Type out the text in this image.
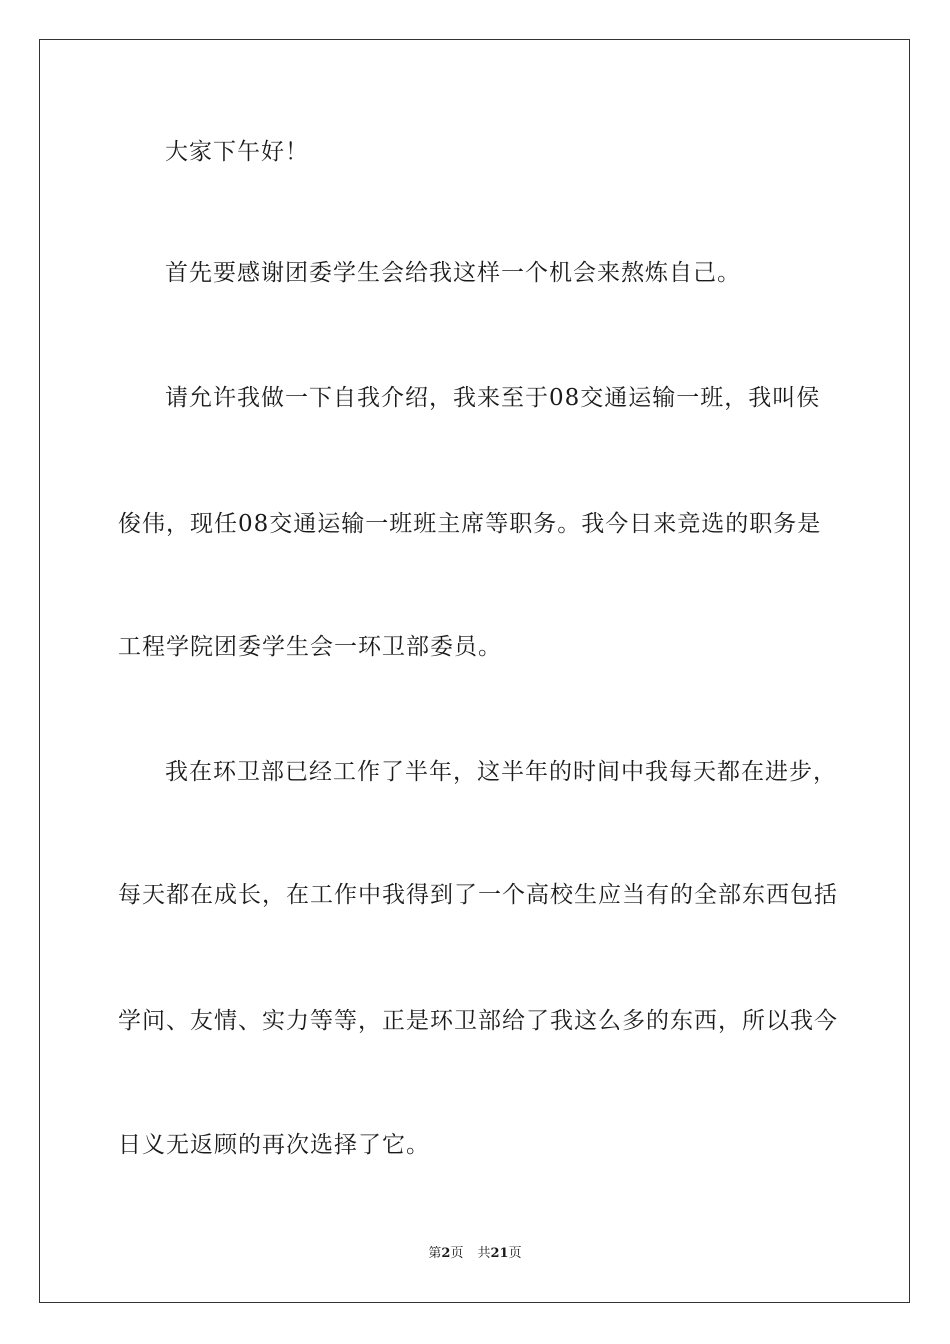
大家下午好！
首先要感谢团委学生会给我这样一个机会来熬炼自己。
请允许我做一下自我介绍，我来至于08交通运输一班，我叫侯
俊伟，现任08交通运输一班班主席等职务。我今日来竞选的职务是
工程学院团委学生会一环卫部委员。
我在环卫部已经工作了半年，这半年的时间中我每天都在进步，
每天都在成长，在工作中我得到了一个高校生应当有的全部东西包括
学问、友情、实力等等，正是环卫部给了我这么多的东西，所以我今
日义无返顾的再次选择了它。
第2页 共21页
